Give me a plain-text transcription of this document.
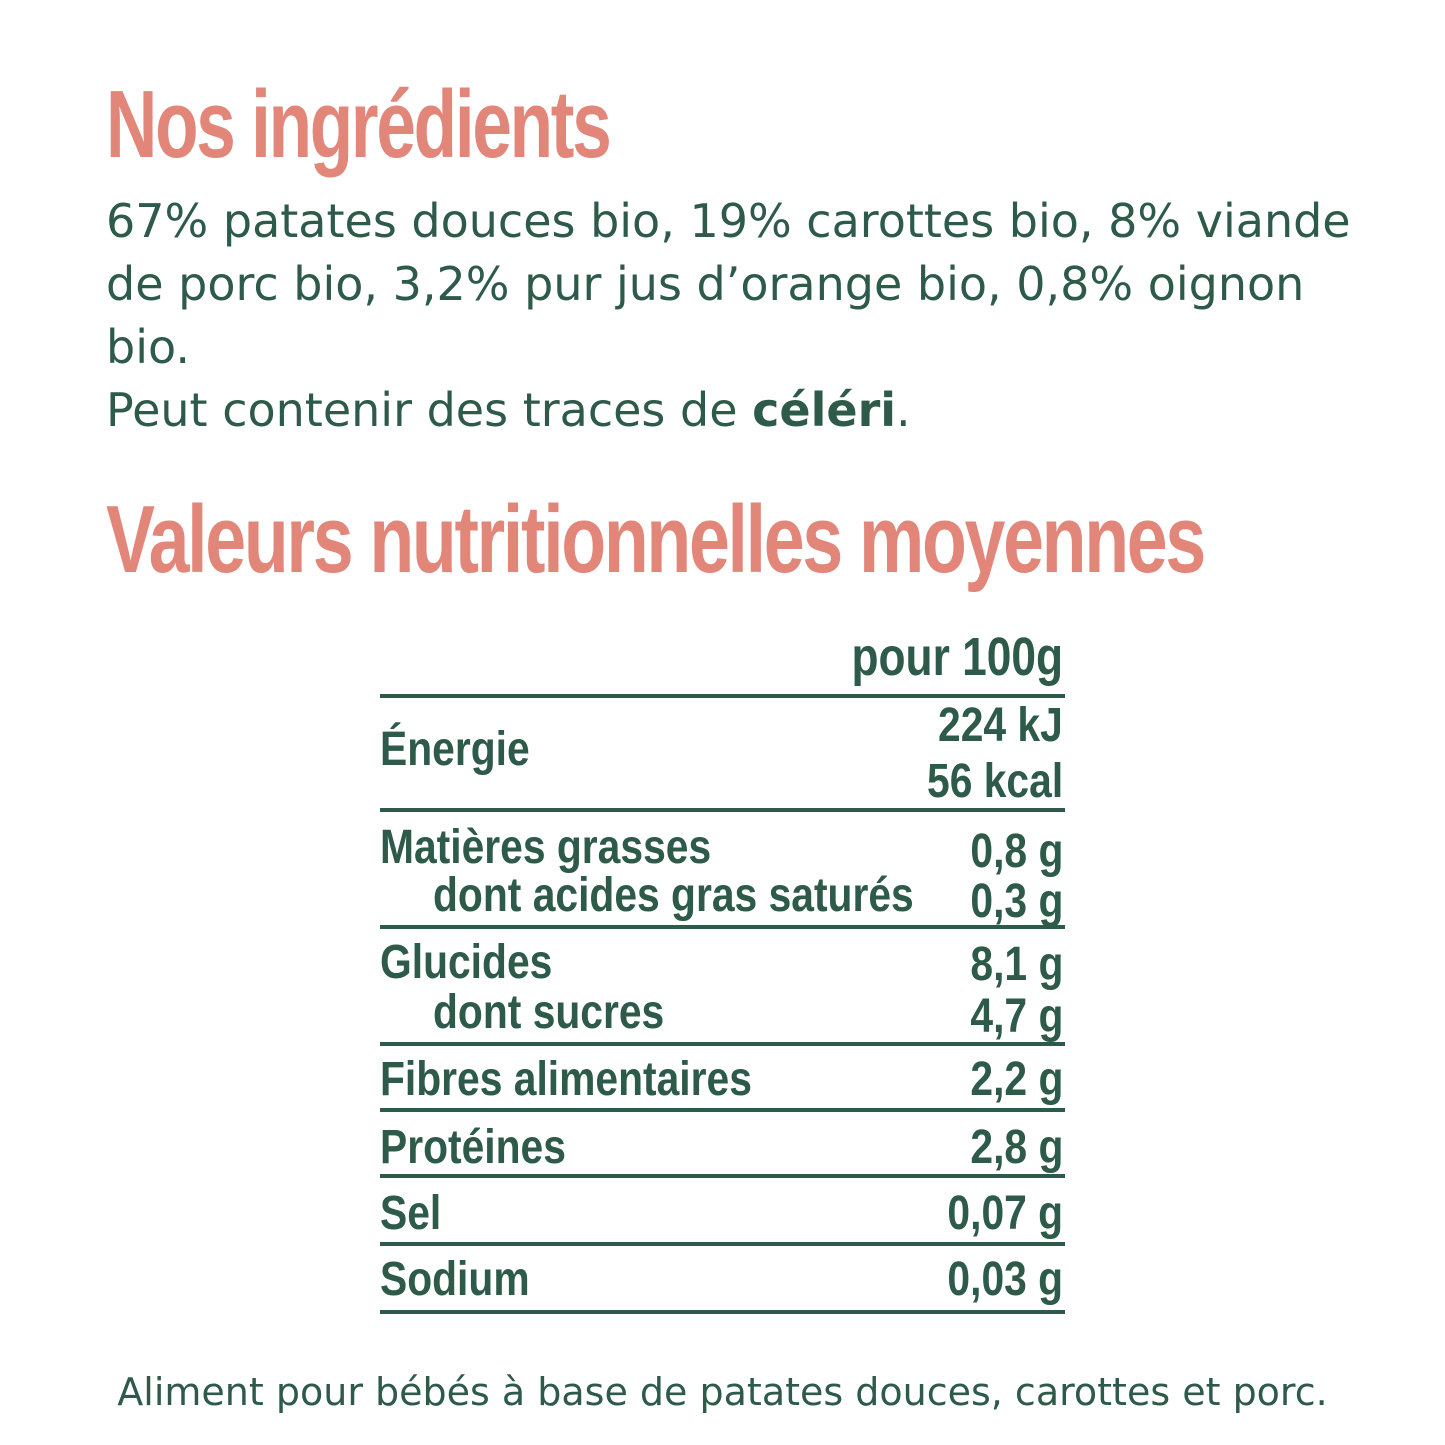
Nos ingrédients

67% patates douces bio, 19% carottes bio, 8% viande de porc bio, 3,2% pur jus d’orange bio, 0,8% oignon bio.

Peut contenir des traces de céléri.

Valeurs nutritionnelles moyennes
pour 100g
Énergie	224 kJ
56 kcal
Matières grasses	0,8 g
dont acides gras saturés 0,3 g
Glucides	8,1 g
dont sucres	4,7 g
Fibres alimentaires	2,2 g
Protéines	2,8 g
Sel	0,07 g
Sodium	0,03 g
Aliment pour bébés à base de patates douces, carottes et porc.
